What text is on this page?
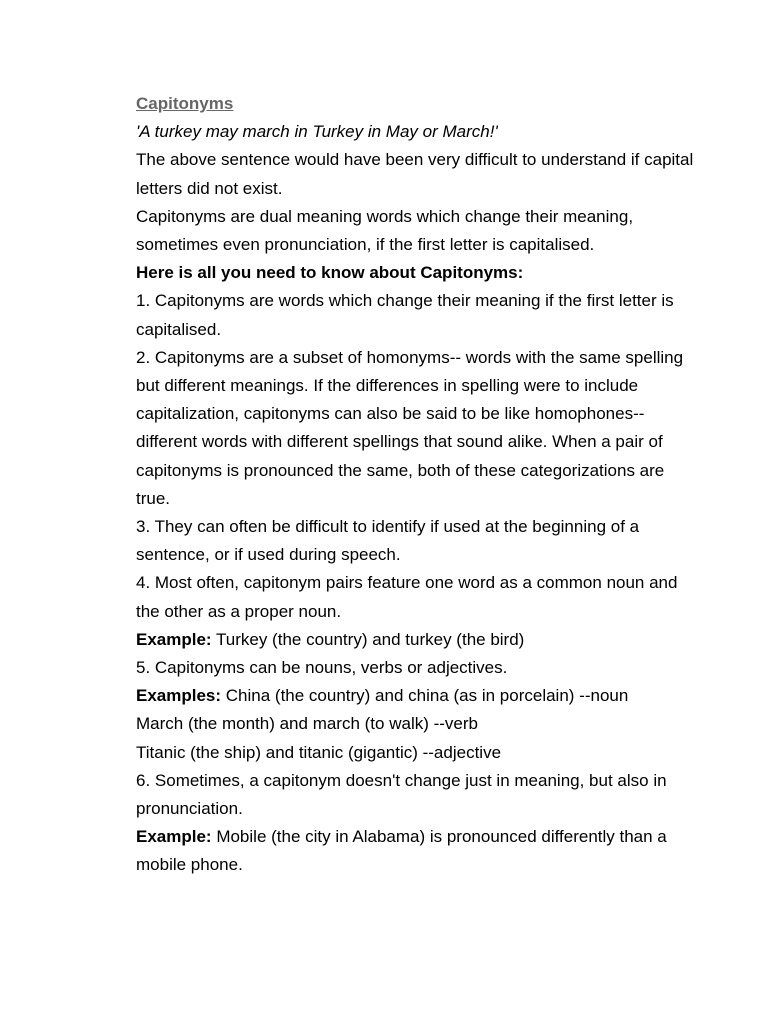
Capitonyms

'A turkey may march in Turkey in May or March!'

The above sentence would have been very difficult to understand if capital letters did not exist.

Capitonyms are dual meaning words which change their meaning, sometimes even pronunciation, if the first letter is capitalised.

Here is all you need to know about Capitonyms:

1. Capitonyms are words which change their meaning if the first letter is capitalised.

2. Capitonyms are a subset of homonyms-- words with the same spelling but different meanings. If the differences in spelling were to include capitalization, capitonyms can also be said to be like homophones-- different words with different spellings that sound alike. When a pair of capitonyms is pronounced the same, both of these categorizations are true.

3. They can often be difficult to identify if used at the beginning of a sentence, or if used during speech.

4. Most often, capitonym pairs feature one word as a common noun and the other as a proper noun.

Example: Turkey (the country) and turkey (the bird)

5. Capitonyms can be nouns, verbs or adjectives.

Examples: China (the country) and china (as in porcelain) --noun

March (the month) and march (to walk) --verb

Titanic (the ship) and titanic (gigantic) --adjective

6. Sometimes, a capitonym doesn't change just in meaning, but also in pronunciation.

Example: Mobile (the city in Alabama) is pronounced differently than a mobile phone.
